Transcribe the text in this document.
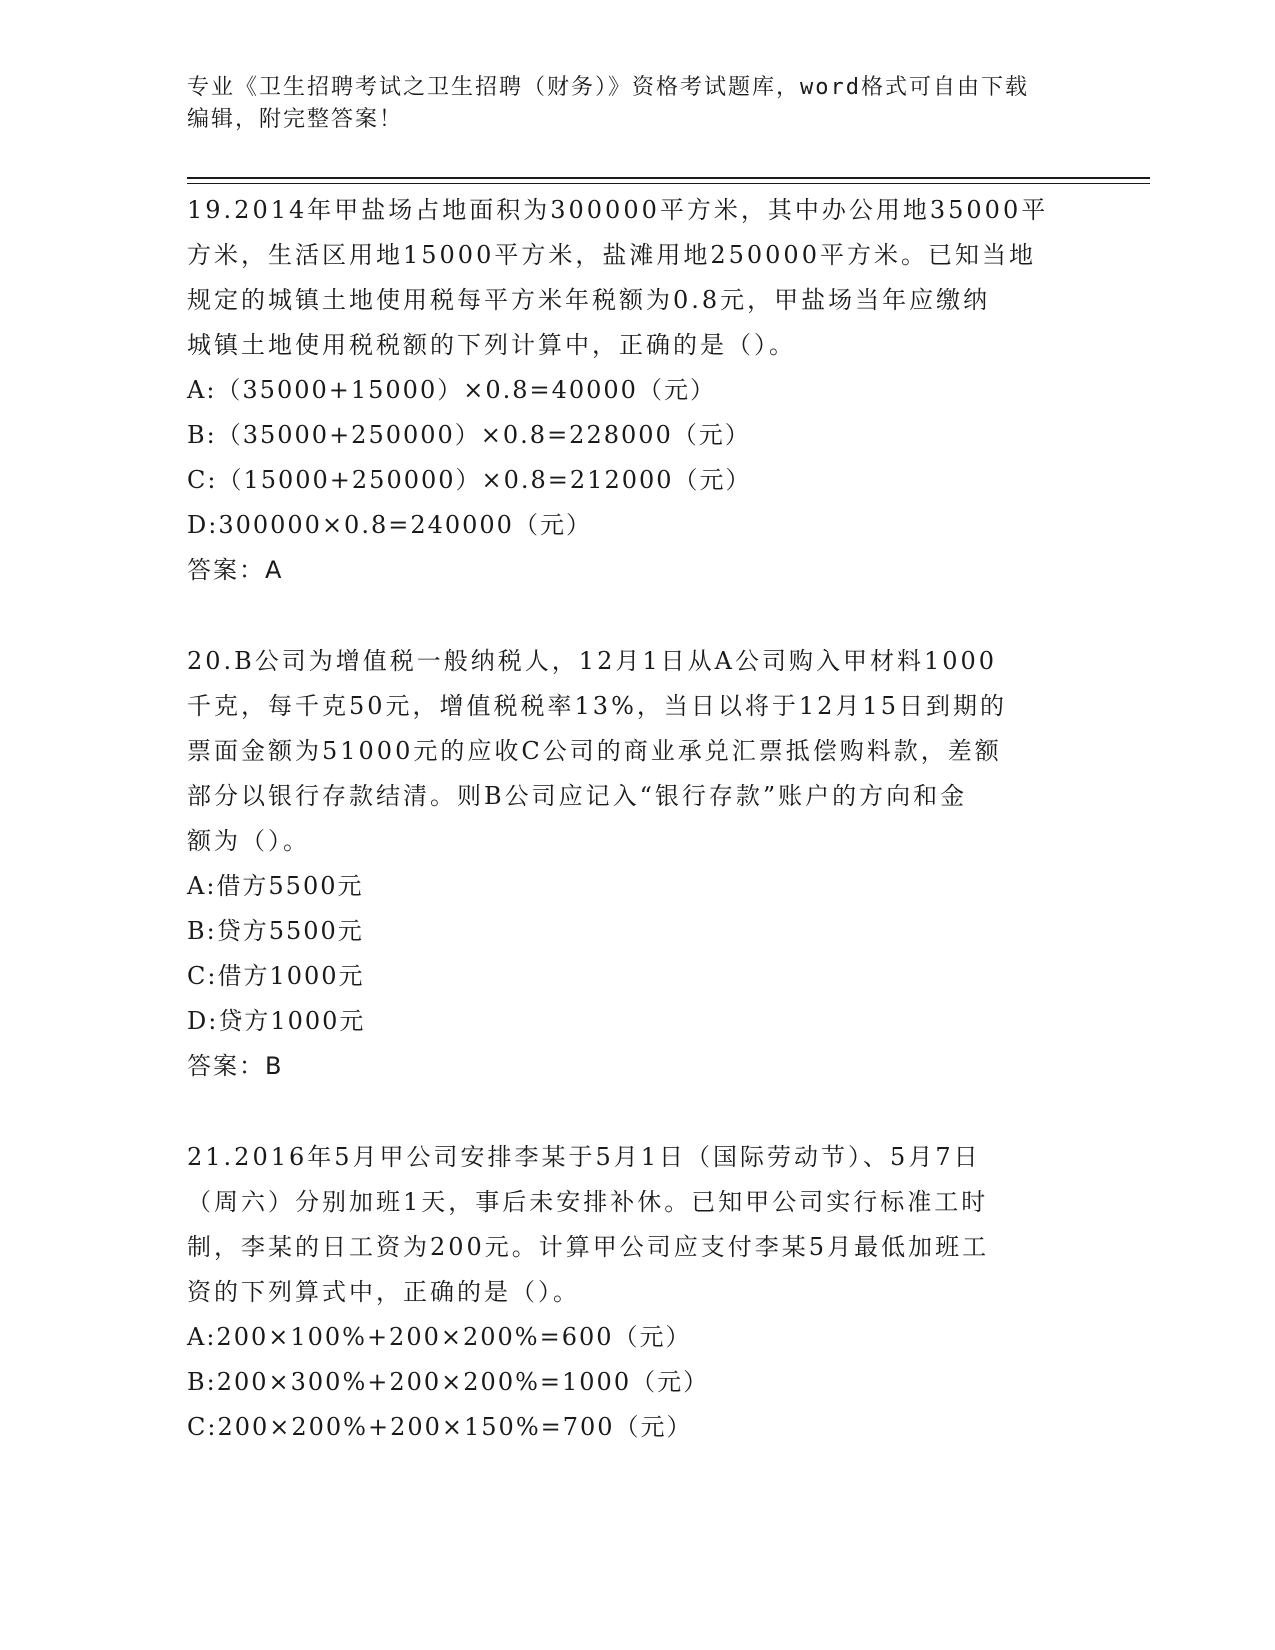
专业《卫生招聘考试之卫生招聘（财务）》资格考试题库，word格式可自由下载
编辑，附完整答案！
19.2014年甲盐场占地面积为300000平方米，其中办公用地35000平
方米，生活区用地15000平方米，盐滩用地250000平方米。已知当地
规定的城镇土地使用税每平方米年税额为0.8元，甲盐场当年应缴纳
城镇土地使用税税额的下列计算中，正确的是（）。
A:（35000+15000）×0.8=40000（元）
B:（35000+250000）×0.8=228000（元）
C:（15000+250000）×0.8=212000（元）
D:300000×0.8=240000（元）
答案：A
20.B公司为增值税一般纳税人，12月1日从A公司购入甲材料1000
千克，每千克50元，增值税税率13%，当日以将于12月15日到期的
票面金额为51000元的应收C公司的商业承兑汇票抵偿购料款，差额
部分以银行存款结清。则B公司应记入“银行存款”账户的方向和金
额为（）。
A:借方5500元
B:贷方5500元
C:借方1000元
D:贷方1000元
答案：B
21.2016年5月甲公司安排李某于5月1日（国际劳动节）、5月7日
（周六）分别加班1天，事后未安排补休。已知甲公司实行标准工时
制，李某的日工资为200元。计算甲公司应支付李某5月最低加班工
资的下列算式中，正确的是（）。
A:200×100%+200×200%=600（元）
B:200×300%+200×200%=1000（元）
C:200×200%+200×150%=700（元）
